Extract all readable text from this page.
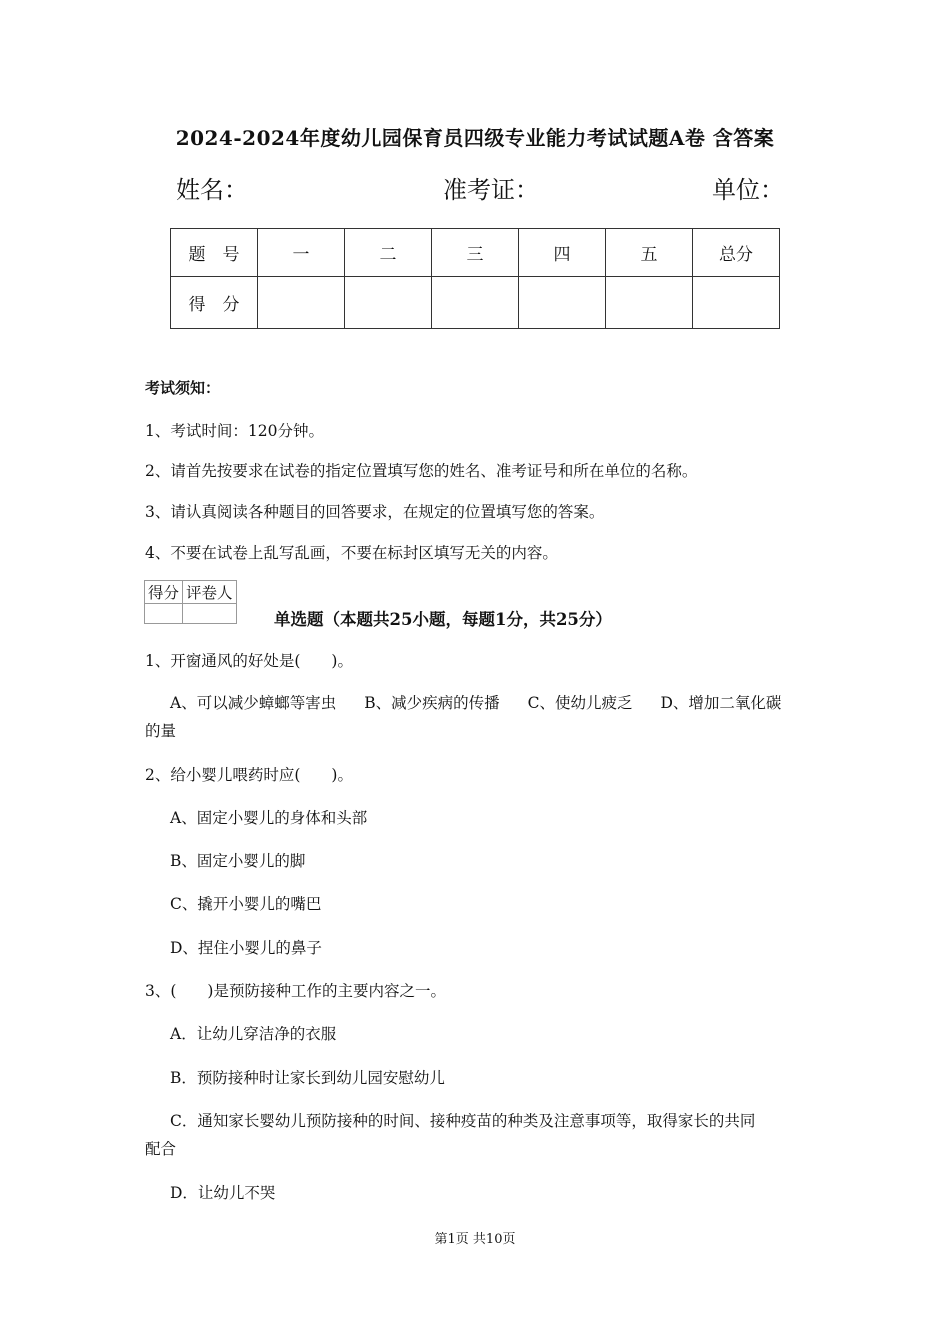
2024-2024年度幼儿园保育员四级专业能力考试试题A卷 含答案
姓名：	准考证：	单位：
题　号	一	二	三	四	五	总分
得　分						
考试须知：
1、考试时间：120分钟。
2、请首先按要求在试卷的指定位置填写您的姓名、准考证号和所在单位的名称。
3、请认真阅读各种题目的回答要求，在规定的位置填写您的答案。
4、不要在试卷上乱写乱画，不要在标封区填写无关的内容。
得分	评卷人

单选题（本题共25小题，每题1分，共25分）
1、开窗通风的好处是(　　)。
A、可以减少蟑螂等害虫 B、减少疾病的传播 C、使幼儿疲乏 D、增加二氧化碳
的量
2、给小婴儿喂药时应(　　)。
A、固定小婴儿的身体和头部
B、固定小婴儿的脚
C、撬开小婴儿的嘴巴
D、捏住小婴儿的鼻子
3、(　　)是预防接种工作的主要内容之一。
A．让幼儿穿洁净的衣服
B．预防接种时让家长到幼儿园安慰幼儿
C．通知家长婴幼儿预防接种的时间、接种疫苗的种类及注意事项等，取得家长的共同
配合
D．让幼儿不哭
第1页 共10页
